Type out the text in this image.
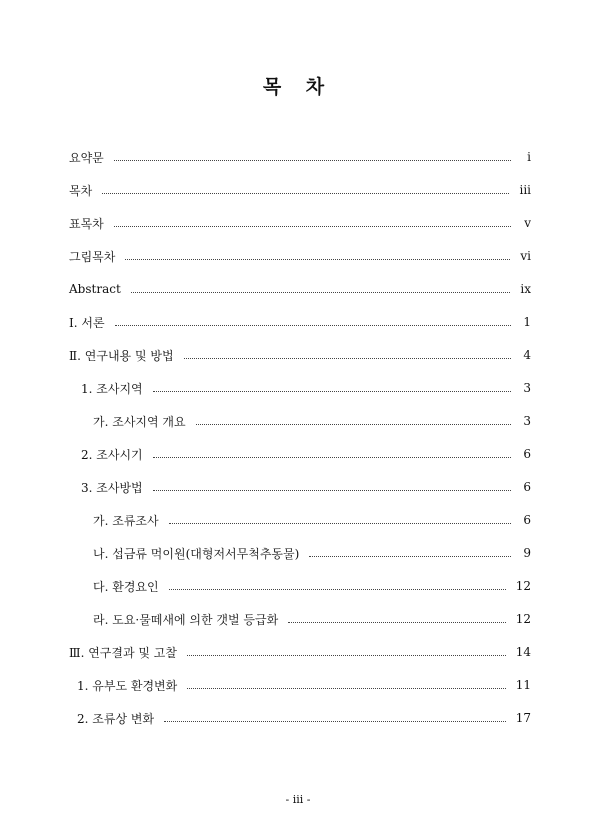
목 차
요약문	i
목차	iii
표목차	v
그림목차	vi
Abstract	ix
Ⅰ. 서론	1
Ⅱ. 연구내용 및 방법	4
1. 조사지역	3
가. 조사지역 개요	3
2. 조사시기	6
3. 조사방법	6
가. 조류조사	6
나. 섭금류 먹이원(대형저서무척추동물)	9
다. 환경요인	12
라. 도요·물떼새에 의한 갯벌 등급화	12
Ⅲ. 연구결과 및 고찰	14
1. 유부도 환경변화	11
2. 조류상 변화	17
- iii -
